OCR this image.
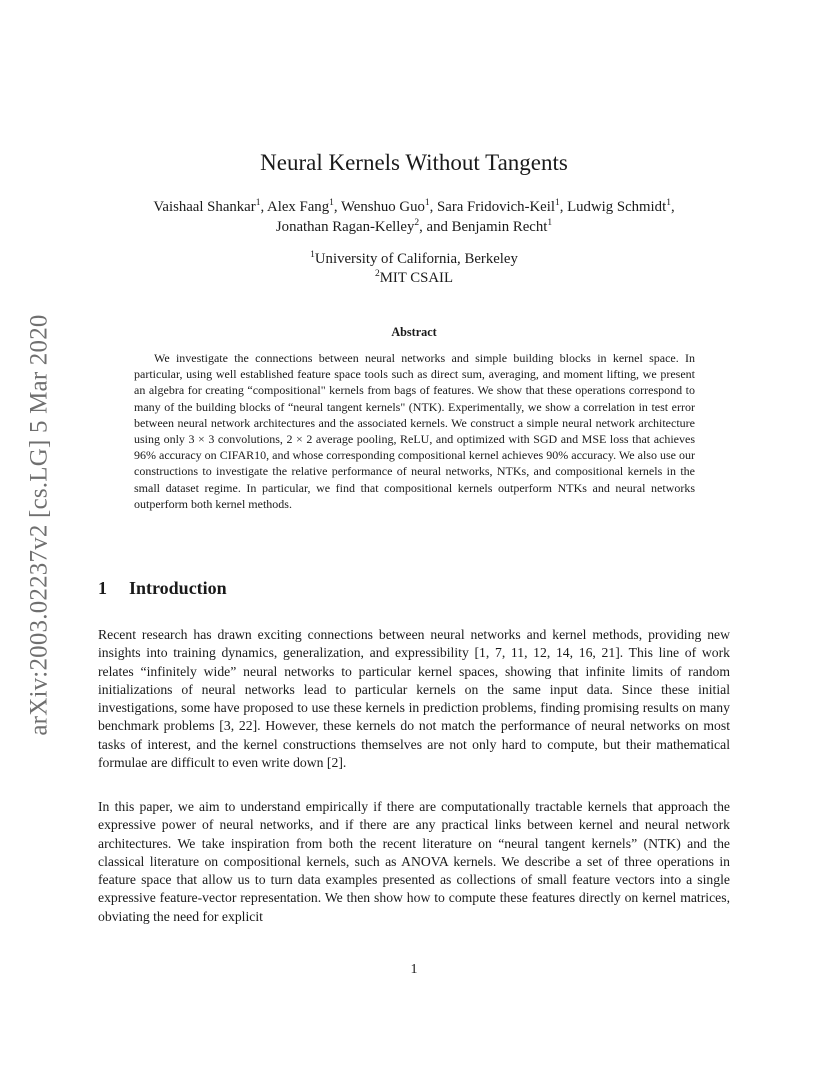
arXiv:2003.02237v2 [cs.LG] 5 Mar 2020
Neural Kernels Without Tangents
Vaishaal Shankar$^1$, Alex Fang$^1$, Wenshuo Guo$^1$, Sara Fridovich-Keil$^1$, Ludwig Schmidt$^1$,
Jonathan Ragan-Kelley$^2$, and Benjamin Recht$^1$
$^1$University of California, Berkeley
$^2$MIT CSAIL
Abstract

We investigate the connections between neural networks and simple building blocks in kernel space. In particular, using well established feature space tools such as direct sum, averaging, and moment lifting, we present an algebra for creating “compositional" kernels from bags of features. We show that these operations correspond to many of the building blocks of “neural tangent kernels" (NTK). Experimentally, we show a correlation in test error between neural network architectures and the associated kernels. We construct a simple neural network architecture using only 3 × 3 convolutions, 2 × 2 average pooling, ReLU, and optimized with SGD and MSE loss that achieves 96% accuracy on CIFAR10, and whose corresponding compositional kernel achieves 90% accuracy. We also use our constructions to investigate the relative performance of neural networks, NTKs, and compositional kernels in the small dataset regime. In particular, we find that compositional kernels outperform NTKs and neural networks outperform both kernel methods.

1 Introduction

Recent research has drawn exciting connections between neural networks and kernel methods, providing new insights into training dynamics, generalization, and expressibility [1, 7, 11, 12, 14, 16, 21]. This line of work relates “infinitely wide” neural networks to particular kernel spaces, showing that infinite limits of random initializations of neural networks lead to particular kernels on the same input data. Since these initial investigations, some have proposed to use these kernels in prediction problems, finding promising results on many benchmark problems [3, 22]. However, these kernels do not match the performance of neural networks on most tasks of interest, and the kernel constructions themselves are not only hard to compute, but their mathematical formulae are difficult to even write down [2].

In this paper, we aim to understand empirically if there are computationally tractable kernels that approach the expressive power of neural networks, and if there are any practical links between kernel and neural network architectures. We take inspiration from both the recent literature on “neural tangent kernels” (NTK) and the classical literature on compositional kernels, such as ANOVA kernels. We describe a set of three operations in feature space that allow us to turn data examples presented as collections of small feature vectors into a single expressive feature-vector representation. We then show how to compute these features directly on kernel matrices, obviating the need for explicit

1
